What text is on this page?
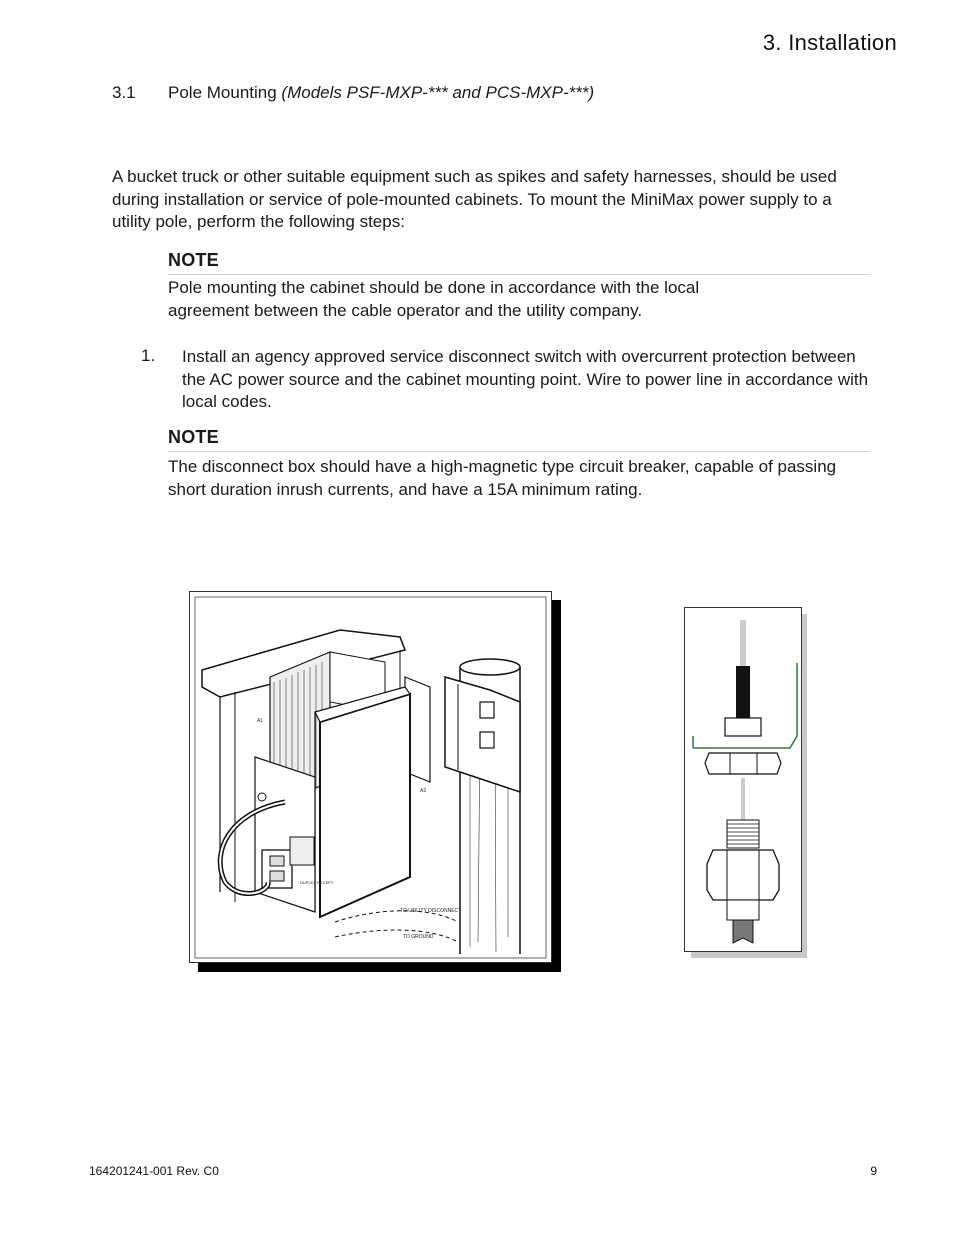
3. Installation
3.1 Pole Mounting (Models PSF-MXP-*** and PCS-MXP-***)
A bucket truck or other suitable equipment such as spikes and safety harnesses, should be used during installation or service of pole-mounted cabinets. To mount the MiniMax power supply to a utility pole, perform the following steps:
NOTE
Pole mounting the cabinet should be done in accordance with the local agreement between the cable operator and the utility company.
1. Install an agency approved service disconnect switch with overcurrent protection between the AC power source and the cabinet mounting point. Wire to power line in accordance with local codes.
NOTE
The disconnect box should have a high-magnetic type circuit breaker, capable of passing short duration inrush currents, and have a 15A minimum rating.
TO UTILITY DISCONNECT
TO GROUND
A1
A2
DUPLEX RECEPT.
164201241-001 Rev. C0	9
